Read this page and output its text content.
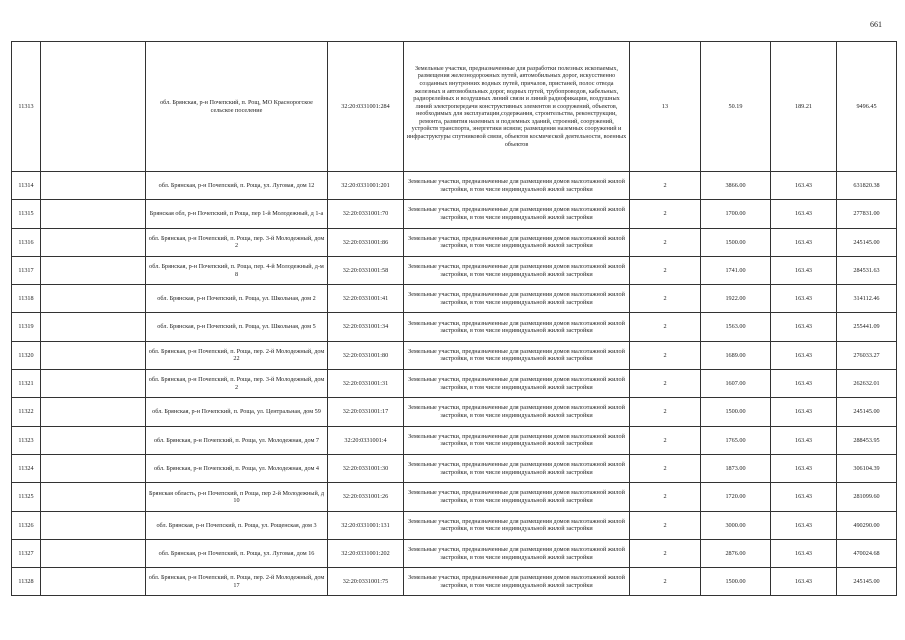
661
11313		обл. Брянская, р-н Почепский, п. Рощ, МО Краснорогское сельское поселение	32:20:0331001:284	Земельные участки, предназначенные для разработки полезных ископаемых, размещения железнодорожных путей, автомобильных дорог, искусственно созданных внутренних водных путей, причалов, пристаней, полос отвода железных и автомобильных дорог, водных путей, трубопроводов, кабельных, радиорелейных и воздушных линий связи и линий радиофикации, воздушных линий электропередачи конструктивных элементов и сооружений, объектов, необходимых для эксплуатации,содержания, строительства, реконструкции, ремонта, развития наземных и подземных зданий, строений, сооружений, устройств транспорта, энергетики исвязи; размещения наземных сооружений и инфраструктуры спутниковой связи, объектов космической деятельности, военных объектов	13	50.19	189.21	9496.45
11314		обл. Брянская, р-н Почепский, п. Роща, ул. Луговая, дом 12	32:20:0331001:201	Земельные участки, предназначенные для размещения домов малоэтажной жилой застройки, в том числе индивидуальной жилой застройки	2	3866.00	163.43	631820.38
11315		Брянская обл, р-н Почепский, п Роща, пер 1-й Молодежный, д 1-а	32:20:0331001:70	Земельные участки, предназначенные для размещения домов малоэтажной жилой застройки, в том числе индивидуальной жилой застройки	2	1700.00	163.43	277831.00
11316		обл. Брянская, р-н Почепский, п. Роща, пер. 3-й Молодежный, дом 2	32:20:0331001:86	Земельные участки, предназначенные для размещения домов малоэтажной жилой застройки, в том числе индивидуальной жилой застройки	2	1500.00	163.43	245145.00
11317		обл. Брянская, р-н Почепский, п. Роща, пер. 4-й Молодежный, д-м 8	32:20:0331001:58	Земельные участки, предназначенные для размещения домов малоэтажной жилой застройки, в том числе индивидуальной жилой застройки	2	1741.00	163.43	284531.63
11318		обл. Брянская, р-н Почепский, п. Роща, ул. Школьная, дом 2	32:20:0331001:41	Земельные участки, предназначенные для размещения домов малоэтажной жилой застройки, в том числе индивидуальной жилой застройки	2	1922.00	163.43	314112.46
11319		обл. Брянская, р-н Почепский, п. Роща, ул. Школьная, дом 5	32:20:0331001:34	Земельные участки, предназначенные для размещения домов малоэтажной жилой застройки, в том числе индивидуальной жилой застройки	2	1563.00	163.43	255441.09
11320		обл. Брянская, р-н Почепский, п. Роща, пер. 2-й Молодежный, дом 22	32:20:0331001:80	Земельные участки, предназначенные для размещения домов малоэтажной жилой застройки, в том числе индивидуальной жилой застройки	2	1689.00	163.43	276033.27
11321		обл. Брянская, р-н Почепский, п. Роща, пер. 3-й Молодежный, дом 2	32:20:0331001:31	Земельные участки, предназначенные для размещения домов малоэтажной жилой застройки, в том числе индивидуальной жилой застройки	2	1607.00	163.43	262632.01
11322		обл. Брянская, р-н Почепский, п. Роща, ул. Центральная, дом 59	32:20:0331001:17	Земельные участки, предназначенные для размещения домов малоэтажной жилой застройки, в том числе индивидуальной жилой застройки	2	1500.00	163.43	245145.00
11323		обл. Брянская, р-н Почепский, п. Роща, ул. Молодежная, дом 7	32:20:0331001:4	Земельные участки, предназначенные для размещения домов малоэтажной жилой застройки, в том числе индивидуальной жилой застройки	2	1765.00	163.43	288453.95
11324		обл. Брянская, р-н Почепский, п. Роща, ул. Молодежная, дом 4	32:20:0331001:30	Земельные участки, предназначенные для размещения домов малоэтажной жилой застройки, в том числе индивидуальной жилой застройки	2	1873.00	163.43	306104.39
11325		Брянская область, р-н Почепский, п Роща, пер 2-й Молодежный, д 10	32:20:0331001:26	Земельные участки, предназначенные для размещения домов малоэтажной жилой застройки, в том числе индивидуальной жилой застройки	2	1720.00	163.43	281099.60
11326		обл. Брянская, р-н Почепский, п. Роща, ул. Рощенская, дом 3	32:20:0331001:131	Земельные участки, предназначенные для размещения домов малоэтажной жилой застройки, в том числе индивидуальной жилой застройки	2	3000.00	163.43	490290.00
11327		обл. Брянская, р-н Почепский, п. Роща, ул. Луговая, дом 16	32:20:0331001:202	Земельные участки, предназначенные для размещения домов малоэтажной жилой застройки, в том числе индивидуальной жилой застройки	2	2876.00	163.43	470024.68
11328		обл. Брянская, р-н Почепский, п. Роща, пер. 2-й Молодежный, дом 17	32:20:0331001:75	Земельные участки, предназначенные для размещения домов малоэтажной жилой застройки, в том числе индивидуальной жилой застройки	2	1500.00	163.43	245145.00
